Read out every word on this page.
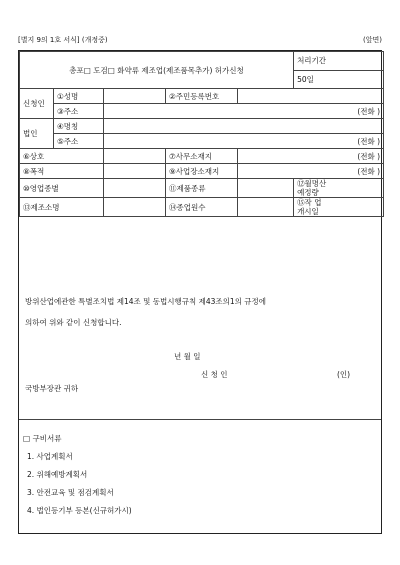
[별지 9의 1호 서식] (개정중)	(앞면)
총포□ 도검□ 화약류 제조업(제조품목추가) 허가신청					처리기간
					50일
신청인	①성명		②주민등록번호		
	③주소	(전화 )			

법인	④명칭				
	⑤주소	(전화 )			

⑥상호			⑦사무소재지	(전화 )	

⑧폭적			⑨사업장소재지	(전화 )	

⑩영업종별			⑪제품종류		⑫월명산
예정량
⑬제조소명			⑭종업원수		⑮작 업
개시일
방위산업에관한 특별조치법 제14조 및 동법시행규칙 제43조의1의 규정에
의하여 위와 같이 신청합니다.
년 월 일
신 청 인	(인)
국방부장관 귀하
□ 구비서류
1. 사업계획서
2. 위해예방계획서
3. 안전교육 및 점검계획서
4. 법인등기부 등본(신규허가시)
